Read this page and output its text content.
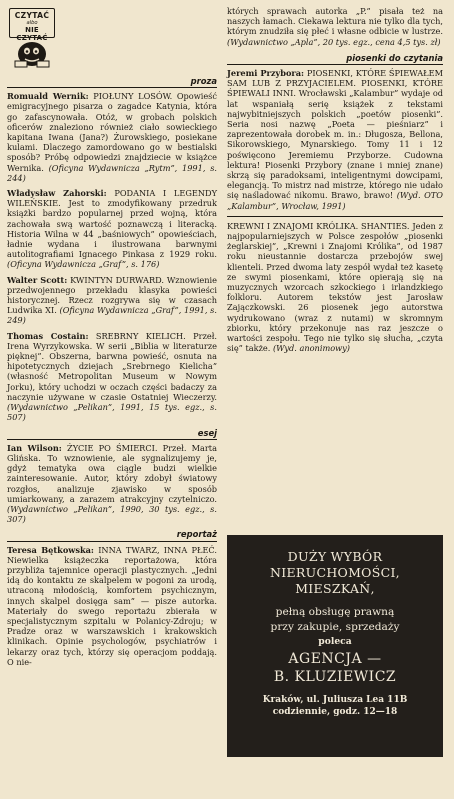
CZYTAĆ
albo
NIE CZYTAĆ
proza

Romuald Wernik: PIOŁUNY LOSÓW. Opowieść emigracyjnego pisarza o zagadce Katynia, która go zafascynowała. Otóż, w grobach polskich oficerów znaleziono również ciało sowieckiego kapitana Iwana (Jana?) Żurowskiego, posiekane kulami. Dlaczego zamordowano go w bestialski sposób? Próbę odpowiedzi znajdziecie w książce Wernika. (Oficyna Wydawnicza „Rytm”, 1991, s. 244)

Władysław Zahorski: PODANIA I LEGENDY WILEŃSKIE. Jest to zmodyfikowany przedruk książki bardzo popularnej przed wojną, która zachowała swą wartość poznawczą i literacką. Historia Wilna w 44 „baśniowych” opowieściach, ładnie wydana i ilustrowana barwnymi autolitografiami Ignacego Pinkasa z 1929 roku. (Oficyna Wydawnicza „Graf”, s. 176)

Walter Scott: KWINTYN DURWARD. Wznowienie przedwojennego przekładu klasyka powieści historycznej. Rzecz rozgrywa się w czasach Ludwika XI. (Oficyna Wydawnicza „Graf”, 1991, s. 249)

Thomas Costain: SREBRNY KIELICH. Przeł. Irena Wyrzykowska. W serii „Biblia w literaturze pięknej”. Obszerna, barwna powieść, osnuta na hipotetycznych dziejach „Srebrnego Kielicha” (własność Metropolitan Museum w Nowym Jorku), który uchodzi w oczach części badaczy za naczynie używane w czasie Ostatniej Wieczerzy. (Wydawnictwo „Pelikan”, 1991, 15 tys. egz., s. 507)

esej

Ian Wilson: ŻYCIE PO ŚMIERCI. Przeł. Marta Glińska. To wznowienie, ale sygnalizujemy je, gdyż tematyka owa ciągle budzi wielkie zainteresowanie. Autor, który zdobył światowy rozgłos, analizuje zjawisko w sposób umiarkowany, a zarazem atrakcyjny czytelniczo. (Wydawnictwo „Pelikan”, 1990, 30 tys. egz., s. 307)

reportaż

Teresa Bętkowska: INNA TWARZ, INNA PŁEĆ. Niewielka książeczka reportażowa, która przybliża tajemnice operacji plastycznych. „Jedni idą do kontaktu ze skalpelem w pogoni za urodą, utraconą młodością, komfortem psychicznym, innych skalpel dosięga sam” — pisze autorka. Materiały do swego reportażu zbierała w specjalistycznym szpitalu w Polanicy-Zdroju; w Pradze oraz w warszawskich i krakowskich klinikach. Opinie psychologów, psychiatrów i lekarzy oraz tych, którzy się operacjom poddają. O nie-

których sprawach autorka „P.” pisała też na naszych łamach. Ciekawa lektura nie tylko dla tych, którym znudziła się płeć i własne odbicie w lustrze. (Wydawnictwo „Apla”, 20 tys. egz., cena 4,5 tys. zł)

piosenki do czytania

Jeremi Przybora: PIOSENKI, KTÓRE ŚPIEWAŁEM SAM LUB Z PRZYJACIELEM. PIOSENKI, KTÓRE ŚPIEWALI INNI. Wrocławski „Kalambur” wydaje od lat wspaniałą serię książek z tekstami najwybitniejszych polskich „poetów piosenki”. Seria nosi nazwę „Poeta — pieśniarz” i zaprezentowała dorobek m. in.: Długosza, Bellona, Sikorowskiego, Mynarskiego. Tomy 11 i 12 poświęcono Jeremiemu Przyborze. Cudowna lektura! Piosenki Przybory (znane i mniej znane) skrzą się paradoksami, inteligentnymi dowcipami, elegancją. To mistrz nad mistrze, którego nie udało się naśladować nikomu. Brawo, brawo! (Wyd. OTO „Kalambur”, Wrocław, 1991)

KREWNI I ZNAJOMI KRÓLIKA. SHANTIES. Jeden z najpopularniejszych w Polsce zespołów „piosenki żeglarskiej”, „Krewni i Znajomi Królika”, od 1987 roku nieustannie dostarcza przebojów swej klienteli. Przed dwoma laty zespół wydał też kasetę ze swymi piosenkami, które opierają się na muzycznych wzorcach szkockiego i irlandzkiego folkloru. Autorem tekstów jest Jarosław Zajączkowski. 26 piosenek jego autorstwa wydrukowano (wraz z nutami) w skromnym zbiorku, który przekonuje nas raz jeszcze o wartości zespołu. Tego nie tylko się słucha, „czyta się” także. (Wyd. anonimowy)

DUŻY WYBÓR
NIERUCHOMOŚCI,
MIESZKAŃ,
pełną obsługę prawną
przy zakupie, sprzedaży
poleca
AGENCJA —
B. KLUZIEWICZ
Kraków, ul. Juliusza Lea 11B
codziennie, godz. 12—18
